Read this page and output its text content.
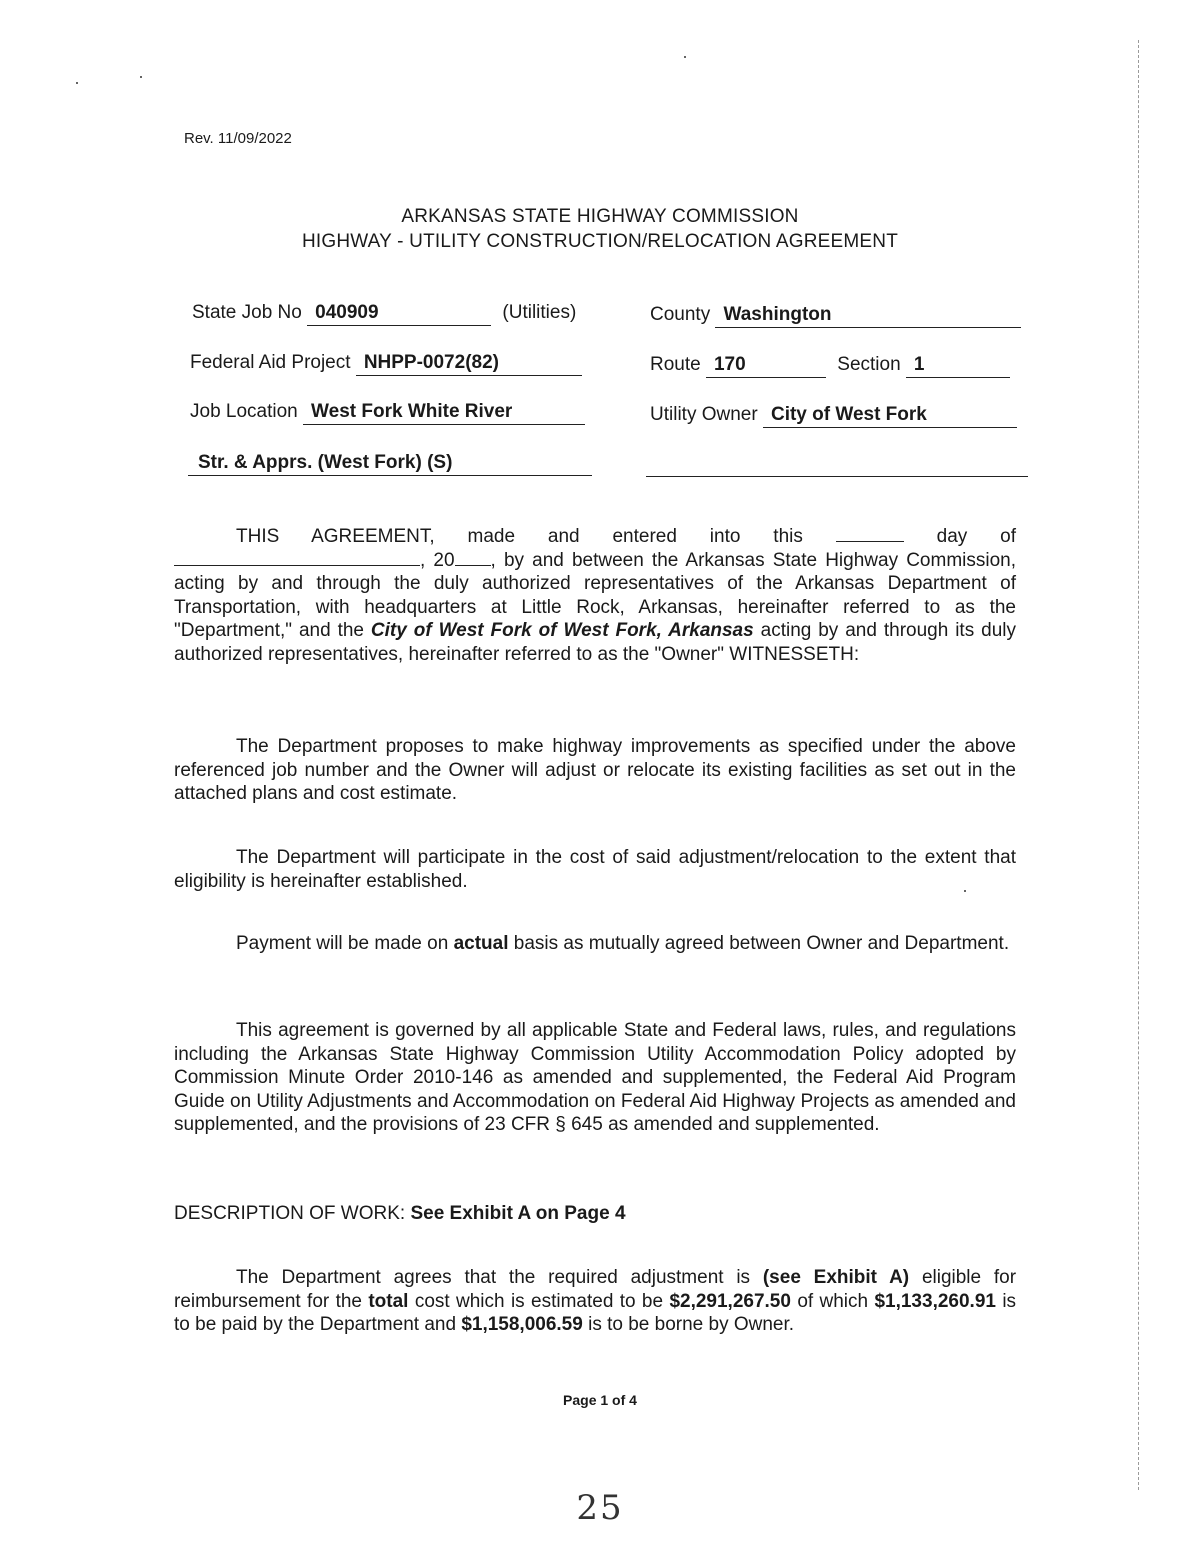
Rev. 11/09/2022
ARKANSAS STATE HIGHWAY COMMISSION
HIGHWAY - UTILITY CONSTRUCTION/RELOCATION AGREEMENT
State Job No 040909	(Utilities)	County Washington
Federal Aid Project NHPP-0072(82)	Route 170	Section 1
Job Location West Fork White River	Utility Owner City of West Fork
Str. & Apprs. (West Fork) (S)
THIS AGREEMENT, made and entered into this	day of , 20 , by and between the Arkansas State Highway Commission, acting by and through the duly authorized representatives of the Arkansas Department of Transportation, with headquarters at Little Rock, Arkansas, hereinafter referred to as the "Department," and the City of West Fork of West Fork, Arkansas acting by and through its duly authorized representatives, hereinafter referred to as the "Owner" WITNESSETH:
The Department proposes to make highway improvements as specified under the above referenced job number and the Owner will adjust or relocate its existing facilities as set out in the attached plans and cost estimate.
The Department will participate in the cost of said adjustment/relocation to the extent that eligibility is hereinafter established.
Payment will be made on actual basis as mutually agreed between Owner and Department.
This agreement is governed by all applicable State and Federal laws, rules, and regulations including the Arkansas State Highway Commission Utility Accommodation Policy adopted by Commission Minute Order 2010-146 as amended and supplemented, the Federal Aid Program Guide on Utility Adjustments and Accommodation on Federal Aid Highway Projects as amended and supplemented, and the provisions of 23 CFR § 645 as amended and supplemented.
DESCRIPTION OF WORK: See Exhibit A on Page 4
The Department agrees that the required adjustment is (see Exhibit A) eligible for reimbursement for the total cost which is estimated to be $2,291,267.50 of which $1,133,260.91 is to be paid by the Department and $1,158,006.59 is to be borne by Owner.
Page 1 of 4
25
